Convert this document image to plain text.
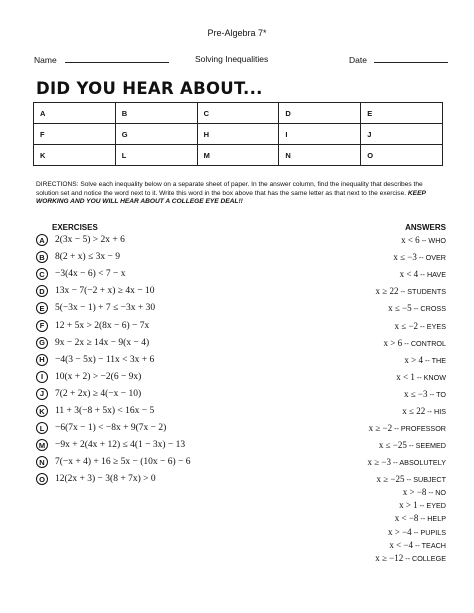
Pre-Algebra 7*
Name	Solving Inequalities	Date
DID YOU HEAR ABOUT...
A	B	C	D	E
F	G	H	I	J
K	L	M	N	O
DIRECTIONS: Solve each inequality below on a separate sheet of paper. In the answer column, find the inequality that describes the solution set and notice the word next to it. Write this word in the box above that has the same letter as that next to the exercise. KEEP WORKING AND YOU WILL HEAR ABOUT A COLLEGE EYE DEAL!!
EXERCISES	ANSWERS
A	2(3x − 5) > 2x + 6
B	8(2 + x) ≤ 3x − 9
C	−3(4x − 6) < 7 − x
D	13x − 7(−2 + x) ≥ 4x − 10
E	5(−3x − 1) + 7 ≤ −3x + 30
F	12 + 5x > 2(8x − 6) − 7x
G	9x − 2x ≥ 14x − 9(x − 4)
H	−4(3 − 5x) − 11x < 3x + 6
I	10(x + 2) > −2(6 − 9x)
J	7(2 + 2x) ≥ 4(−x − 10)
K	11 + 3(−8 + 5x) < 16x − 5
L	−6(7x − 1) < −8x + 9(7x − 2)
M	−9x + 2(4x + 12) ≤ 4(1 − 3x) − 13
N	7(−x + 4) + 16 ≥ 5x − (10x − 6) − 6
O	12(2x + 3) − 3(8 + 7x) > 0
x < 6 -- WHO
x ≤ −3 -- OVER
x < 4 -- HAVE
x ≥ 22 -- STUDENTS
x ≤ −5 -- CROSS
x ≤ −2 -- EYES
x > 6 -- CONTROL
x > 4 -- THE
x < 1 -- KNOW
x ≤ −3 -- TO
x ≤ 22 -- HIS
x ≥ −2 -- PROFESSOR
x ≤ −25 -- SEEMED
x ≥ −3 -- ABSOLUTELY
x ≥ −25 -- SUBJECT
x > −8 -- NO
x > 1 -- EYED
x < −8 -- HELP
x > −4 -- PUPILS
x < −4 -- TEACH
x ≥ −12 -- COLLEGE
